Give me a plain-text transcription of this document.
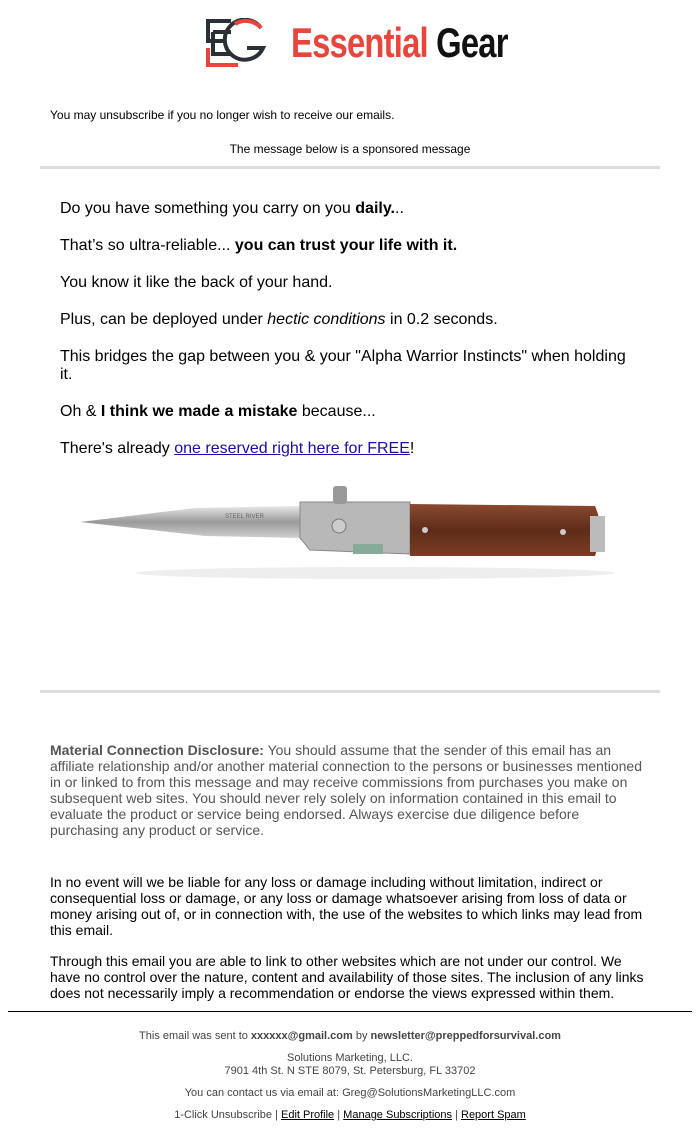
Essential Gear
You may unsubscribe if you no longer wish to receive our emails.
The message below is a sponsored message

Do you have something you carry on you daily...

That’s so ultra-reliable... you can trust your life with it.

You know it like the back of your hand.

Plus, can be deployed under hectic conditions in 0.2 seconds.

This bridges the gap between you & your "Alpha Warrior Instincts" when holding it.

Oh & I think we made a mistake because...

There's already one reserved right here for FREE!

STEEL RIVER

Material Connection Disclosure: You should assume that the sender of this email has an affiliate relationship and/or another material connection to the persons or businesses mentioned in or linked to from this message and may receive commissions from purchases you make on subsequent web sites. You should never rely solely on information contained in this email to evaluate the product or service being endorsed. Always exercise due diligence before purchasing any product or service.

In no event will we be liable for any loss or damage including without limitation, indirect or consequential loss or damage, or any loss or damage whatsoever arising from loss of data or money arising out of, or in connection with, the use of the websites to which links may lead from this email.

Through this email you are able to link to other websites which are not under our control. We have no control over the nature, content and availability of those sites. The inclusion of any links does not necessarily imply a recommendation or endorse the views expressed within them.

This email was sent to xxxxxx@gmail.com by newsletter@preppedforsurvival.com

Solutions Marketing, LLC.
7901 4th St. N STE 8079, St. Petersburg, FL 33702

You can contact us via email at: Greg@SolutionsMarketingLLC.com

1-Click Unsubscribe | Edit Profile | Manage Subscriptions | Report Spam
